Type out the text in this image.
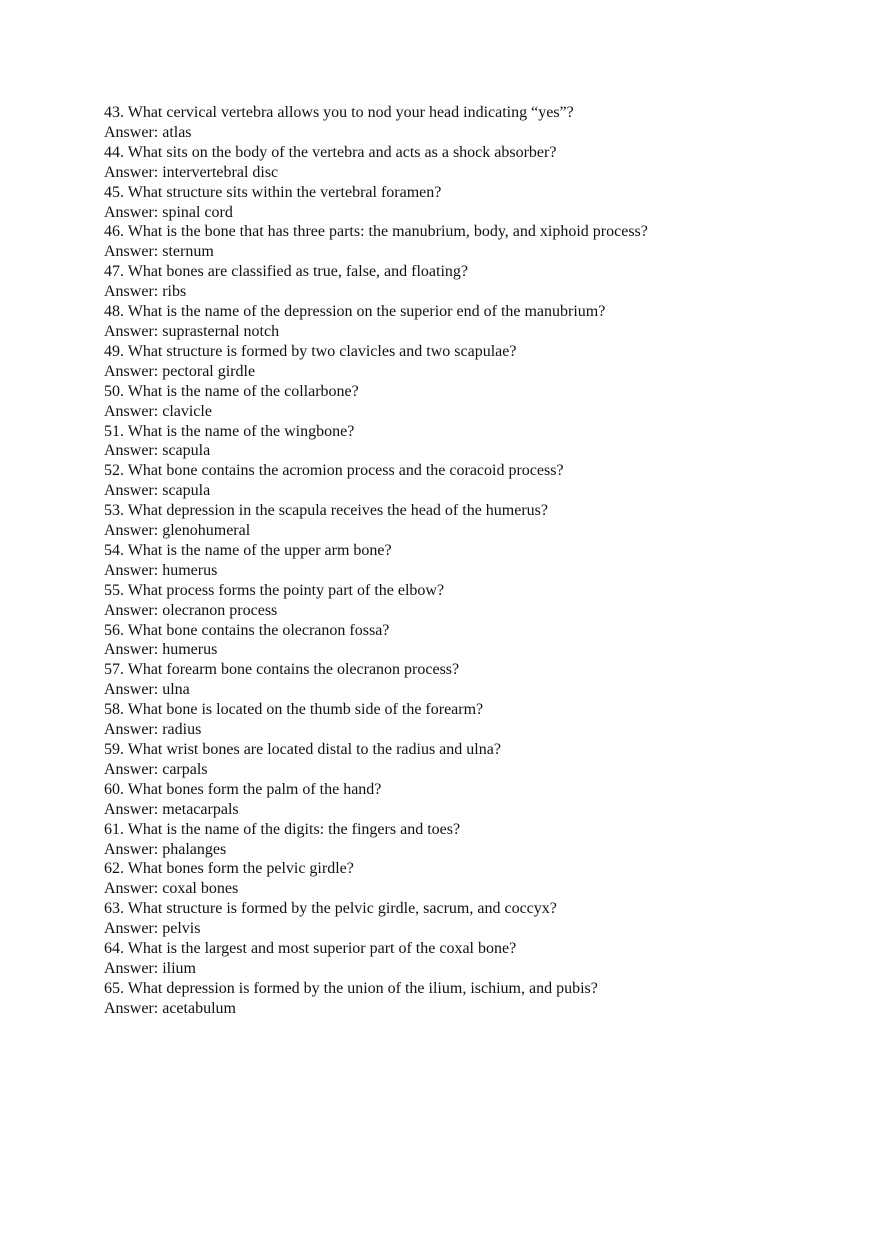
43. What cervical vertebra allows you to nod your head indicating “yes”?
Answer: atlas
44. What sits on the body of the vertebra and acts as a shock absorber?
Answer: intervertebral disc
45. What structure sits within the vertebral foramen?
Answer: spinal cord
46. What is the bone that has three parts: the manubrium, body, and xiphoid process?
Answer: sternum
47. What bones are classified as true, false, and floating?
Answer: ribs
48. What is the name of the depression on the superior end of the manubrium?
Answer: suprasternal notch
49. What structure is formed by two clavicles and two scapulae?
Answer: pectoral girdle
50. What is the name of the collarbone?
Answer: clavicle
51. What is the name of the wingbone?
Answer: scapula
52. What bone contains the acromion process and the coracoid process?
Answer: scapula
53. What depression in the scapula receives the head of the humerus?
Answer: glenohumeral
54. What is the name of the upper arm bone?
Answer: humerus
55. What process forms the pointy part of the elbow?
Answer: olecranon process
56. What bone contains the olecranon fossa?
Answer: humerus
57. What forearm bone contains the olecranon process?
Answer: ulna
58. What bone is located on the thumb side of the forearm?
Answer: radius
59. What wrist bones are located distal to the radius and ulna?
Answer: carpals
60. What bones form the palm of the hand?
Answer: metacarpals
61. What is the name of the digits: the fingers and toes?
Answer: phalanges
62. What bones form the pelvic girdle?
Answer: coxal bones
63. What structure is formed by the pelvic girdle, sacrum, and coccyx?
Answer: pelvis
64. What is the largest and most superior part of the coxal bone?
Answer: ilium
65. What depression is formed by the union of the ilium, ischium, and pubis?
Answer: acetabulum
